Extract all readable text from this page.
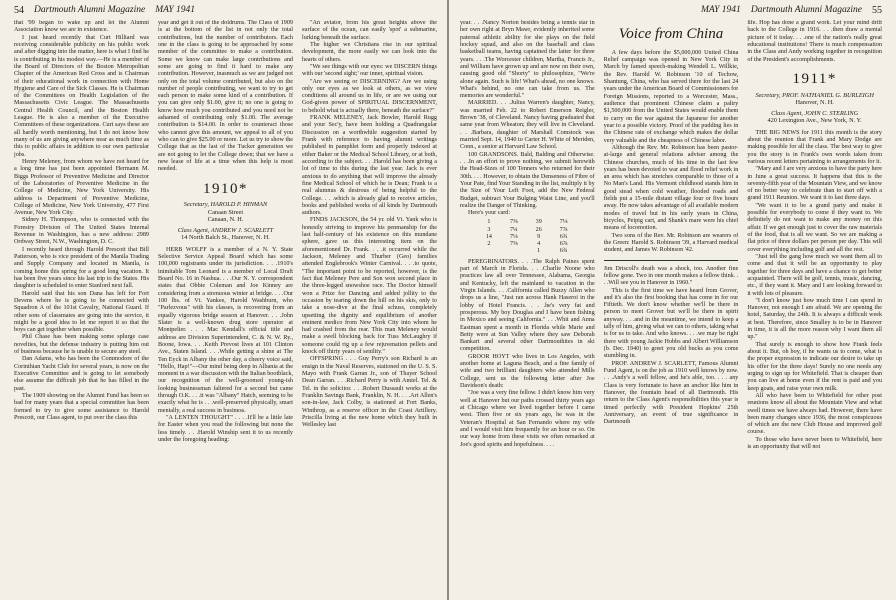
54 Dartmouth Alumni Magazine MAY 1941

that '99 began to wake up and let the Alumni Association know we are in existence.

I just heard recently that Curt Hilliard was receiving considerable publicity on his public work and after digging into the matter, here is what I find he is contributing in his modest way.—He is a member of the Board of Directors of the Boston Metropolitan Chapter of the American Red Cross and is Chairman of their educational work in connection with Home Hygiene and Care of the Sick Classes. He is Chairman of the Committees on Health Legislation of the Massachusetts Civic League. The Massachusetts Central Health Council, and the Boston Health League. He is also a member of the Executive Committees of these organizations. Curt says these are all hardly worth mentioning, but I do not know how many of us are giving anywhere near as much time as this to public affairs in addition to our own particular jobs.

Henry Meleney, from whom we have not heard for a long time has just been appointed Hermann M. Biggs Professor of Preventive Medicine and Director of the Laboratories of Preventive Medicine in the College of Medicine, New York University. His address is Department of Preventive Medicine, College of Medicine, New York University, 477 First Avenue, New York City.

Sidney H. Thompson, who is connected with the Forestry Division of The United States Internal Revenue in Washington, has a new address: 2989 Ordway Street, N.W., Washington, D. C.

I recently heard through Harold Prescott that Bill Patterson, who is vice president of the Manila Trading and Supply Company and located in Manila, is coming home this spring for a good long vacation. It has been five years since his last trip to the States. His daughter is scheduled to enter Stanford next fall.

Harold said that his son Dana has left for Fort Devens where he is going to be connected with Squadron A of the 101st Cavalry, National Guard. If other sons of classmates are going into the service, it might be a good idea to let me report it so that the boys can get together when possible.

Phil Chase has been making some splurge case novelties, but the defense industry is putting him out of business because he is unable to secure any steel.

Dan Adams, who has been the Commodore of the Corinthian Yacht Club for several years, is now on the Executive Committee and is going to let somebody else assume the difficult job that he has filled in the past.

The 1909 showing on the Alumni Fund has been so bad for many years that a special committee has been formed to try to give some assistance to Harold Prescott, our Class agent, to put over the class this

year and get it out of the doldrums. The Class of 1909 is at the bottom of the list in not only the total contributions, but the number of contributors. Each one in the class is going to be approached by some member of the committee to make a contribution. Some we know can make large contributions and some are going to find it hard to make any contribution. However, inasmuch as we are judged not only on the total volume contributed, but also on the number of people contributing, we want to try to get each person to make some kind of a contribution. If you can give only $1.00, give it; no one is going to know how much you contributed and you need not be ashamed of contributing only $1.00. The average contribution is $14.00. In order to counteract those who cannot give this amount, we appeal to all of you who can to give $25.00 or more. Let us try to show the College that as the last of the Tucker generation we are not going to let the College down; that we have a new lease of life at a time when this help is most needed.

1910*
Secretary, HAROLD P. HINMAN
Canaan Street
Canaan, N. H.
Class Agent, ANDREW J. SCARLETT
14 North Balch St., Hanover, N. H.

HERB WOLFF is a member of a N. Y. State Selective Service Appeal Board which has some 100,000 registrants under its jurisdiction. . . .1910's inimitable Tom Leonard is a member of Local Draft Board No. 16 in Nashua. . . .Our N. Y. correspondent states that Obbie Coleman and Joe Kinney are considering from a strenuous winter at bridge. . . .Our 100 lbs. of Vt. Yankee, Harold Washburn, who "Parlezvous" with his classes, is recovering from an equally vigorous bridge season at Hanover. . . .John Slater is a well-known drug store operator at Montpelier. . . . Mac Kendall's official title and address are Division Superintendent, C. & N. W. Ry., Boone, Iowa. . . .Keith Prevost lives at 101 Clinton Ave., Staten Island. . . .While getting a shine at The Ten Eyck in Albany the other day, a cheery voice said, "Hello, Hap!"—Our mind being deep in Albania at the moment in a war discussion with the Italian bootblack, our recognition of the well-groomed young-ish looking businessman faltered for a second but came through O.K. . . .it was "Albany" Hatch, seeming to be exactly what he is . . .well-preserved physically, smart mentally, a real success in business.

"A LENTEN THOUGHT" . . . .It'll be a little late for Easter when you read the following but none the less timely. . . .Harold Winship sent it to us recently under the foregoing heading:

"An aviator, from his great heights above the surface of the ocean, can easily 'spot' a submarine, lurking beneath the surface.

The higher we Christians rise in our spiritual development, the more easily we can look into the hearts of others.

"We see things with our eyes: we DISCERN things with our 'second sight;' our inner, spiritual vision.

"Are we seeing or DISCERNING? Are we using only our eyes as we look at others, as we view conditions all around us in life, or are we using our God-given power of SPIRITUAL DISCERNMENT, to behold what is actually there, beneath the surface?"

FRANK MELENEY, Jack Bowler, Harold Rugg and your Sec'y, have been holding a Quadrangular Discussion on a worthwhile suggestion started by Frank with reference to having alumni writings published in pamphlet form and properly indexed at either Baker or the Medical School Library, or at both, according to the subject. . . .Harold has been giving a lot of time to this during the last year. Jack is ever anxious to do anything that will improve the already fine Medical School of which he is Dean; Frank is a real alumnus & desirous of being helpful to the College. . . .which is already glad to receive articles, books and published works of all kinds by Dartmouth authors.

FINDS JACKSON, the 54 yr. old Vt. Yank who is honestly striving to improve his penmanship for the last half-century of his existence on this mundane sphere, gave us this interesting item on the aforementioned Dr. Frank. . . .it occurred while the Jackson, Meleney and Thurber (Geo) families attended Englebrook's Winter Carnival. . . .to quote, "The important point to be reported, however, is the fact that Meleney Pere and Son won second place in the three-legged snowshoe race. The Doctor himself won a Prize for Dancing and added jollity to the occasion by tearing down the hill on his skis, only to take a nose-dive at the final schuss, completely upsetting the dignity and equilibrium of another eminent medico from New York City into whom he had crashed from the rear. This man Meleney would make a swell blocking back for Tuss McLaughry if someone could rig up a few rejuvenation pellets and knock off thirty years of senility."

OFFSPRING . . . Guy Perry's son Richard is an ensign in the Naval Reserves, stationed on the U. S. S. Mayo with Frank Garran Jr., son of Thayer School Dean Garran. . . .Richard Perry is with Amtel. Tel. & Tel. in the solicitor. . . .Robert Dussault works at the Franklin Savings Bank, Franklin, N. H. . . .Art Allen's son-in-law, Jack Colby, is stationed at Fort Banks, Winthrop, as a reserve officer in the Coast Artillery. Priscilla living at the new home which they built in Wellesley last

MAY 1941 Dartmouth Alumni Magazine 55

year. . . .Nancy Norton besides being a tennis star in her own right at Bryn Mawr, evidently inherited some paternal athletic ability for she plays on the field hockey squad, and also on the baseball and class basketball teams, having captained the latter for three years. . . .The Worcester children, Martha, Francis Jr., and William have grown up and are now on their own, causing good old "Shorty" to philosophize, "We're alone again. Such is life! What's ahead, no one knows. What's behind, no one can take from us. The memories are wonderful."

MARRIED. . . .Julius Warren's daughter, Nancy, was married Feb. 22 to Robert Emerson Reigler, Brown '38, of Cleveland. Nancy having graduated that same year from Wheaton; they will live in Cleveland. . . .Barbara, daughter of Marshall Comstock was married Sept. 14, 1940 to Carter H. White of Meriden, Conn., a senior at Harvard Law School.

100 GRANDSONS. Bald, Balding and Otherwise. . . .In an effort to prove nothing, we submit herewith the Head-Sizes of 100 Tenners who returned for their 30th. . . . However, to obtain the Denseness of Fibre of Your Pate, find Your Standing in the list, multiply it by the Size of Your Left Foot, add the New Federal Budget, subtract Your Bulging Waist Line, and you'll realize the Danger of Thinking.

Here's your card:

1	7⅜	39	7⅛
3	7¼	26	7⅞
14	7⅛	9	6¾
2	7⅜	4	6⅞
		1	6¾

PEREGRINATORS. . . .The Ralph Paines spent part of March in Florida. . . .Charlie Noone who practices law all over Tennessee, Alabama, Georgia and Kentucky, left the mainland to vacation in the Virgin Islands. . . .California called Buzzy Allen who drops us a line, "Just ran across Hank Haseroi in the lobby of Hotel Francis. . . .he's very fat and prosperous. My boy Douglas and I have been fishing in Mexico and seeing California." . . .Whit and Anna Eastman spent a month in Florida while Marie and Betty were at Sun Valley where they saw Deborah Bankart and several other Dartmouthites in ski competition.

GROOR HOYT who lives in Los Angeles, with another home at Laguna Beach, and a fine family of wife and two brilliant daughters who attended Mills College, sent us the following letter after Joe Davidson's death:

"Joe was a very fine fellow. I didn't know him very well at Hanover but our paths crossed thirty years ago at Chicago where we lived together before I came west. Then five or six years ago, he was in the Veteran's Hospital at San Fernando where my wife and I would visit him frequently for an hour or so. On our way home from these visits we often remarked at Joe's good spirits and hopefulness. . . .

Voice from China

A few days before the $5,000,000 United China Relief campaign was opened in New York City in March by famed speech-making Wendell L. Willkie, the Rev. Harold W. Robinson '10 of Techow, Shantung, China, who has served there for the last 24 years under the American Board of Commissioners for Foreign Missions, reported to a Worcester, Mass., audience that prominent Chinese claim a paltry $1,500,000 from the United States would enable them to carry on the war against the Japanese for another year to a possible victory. Proof of the pudding lies in the Chinese rate of exchange which makes the dollar very valuable and the cheapness of Chinese labor.

Although the Rev. Mr. Robinson has been pastor-at-large and general relations adviser among the Chinese churches, much of his time in the last few years has been devoted to war and flood relief work in an area which has stretches comparable to those of a No Man's Land. His Vermont childhood stands him in good stead when cold weather, flooded roads and fields put a 15-mile distant village four or five hours away. He now takes advantage of all available modern modes of travel but in his early years in China, bicycles, Peipig cart, and Shank's mare were his chief means of locomotion.

Two sons of the Rev. Mr. Robinson are wearers of the Green: Harold S. Robinson '39, a Harvard medical student, and James W. Robinson '42.

Jim Driscoll's death was a shock, too. Another fine fellow gone. Two in one month makes a fellow think. . . .Will see you in Hanover in 1960."

This is the first time we have heard from Grover, and it's also the first booking that has come in for our Fiftieth. We don't know whether we'll be there in person to meet Grover but we'll be there in spirit anyway. . . .and in the meantime, we intend to keep a tally of him, giving what we can to others, taking what is for us to take. And who knows. . . .we may be right there with young Jackie Hobbs and Albert Williamson (b. Dec. 1940) to greet you old bucks as you come stumbling in.

PROF. ANDREW J. SCARLETT, Famous Alumni Fund Agent, is on the job as 1910 well knows by now. . . .Andy's a well fellow, and he's able, too. . . . any Class is very fortunate to have an anchor like him in Hanover, the fountain head of all Dartmouth. His return to the Class Agent's responsibilities this year is timed perfectly with President Hopkins' 25th Anniversary, an event of true significance in Dartmouth

life. Hop has done a grand work. Let your mind drift back to the College in 1916. . . .then draw a mental picture of it today. . . .one of the nation's really great educational institutions! There is much compensation in the Class and Andy working together in recognition of the President's accomplishments.

1911*
Secretary, PROF. NATHANIEL G. BURLEIGH
Hanover, N. H.
Class Agent, JOHN C. STERLING
420 Lexington Ave., New York, N. Y.

THE BIG NEWS for 1911 this month is the story about the reunion that Frank and Mary Dodge are making possible for all the class. The best way to give you the story is in Frank's own words taken from various recent letters pertaining to arrangements for it.

"Mary and I are very anxious to have the party here in June a great success. It happens that this is the seventy-fifth year of the Mountain View, and we know of no better way to celebrate than to start off with a grand 1911 Reunion. We want it to last three days.

"We want it to be a grand party and make it possible for everybody to come if they want to. We definitely do not want to make any money on this affair. If we get enough just to cover the raw materials of the food, that is all we want. So we are making a flat price of three dollars per person per day. This will cover everything including golf and all the rest.

"Just tell the gang how much we want them all to come and that it will be an opportunity to play together for three days and have a chance to get better acquainted. There will be golf, tennis, music, dancing, etc., if they want it. Mary and I are looking forward to it with lots of pleasure.

"I don't know just how much time I can spend in Hanover, not enough I am afraid. We are opening the hotel, Saturday, the 24th. It is always a difficult week at best. Therefore, since Smalley is to be in Hanover in time, it is all the more reason why I want them all up."

That surely is enough to show how Frank feels about it. But, oh boy, if he wants us to come, what is the proper expression to indicate our desire to take up his offer for the three days! Surely no one needs any urging to sign up for Whitefield. That is cheaper than you can live at home even if the rent is paid and you keep goats, and raise your own milk.

All who have been to Whitefield for other post reunions know all about the Mountain View and what swell times we have always had. However, there have been many changes since 1936, the most conspicuous of which are the new Club House and improved golf course.

To those who have never been to Whitefield, here is an opportunity that will not
